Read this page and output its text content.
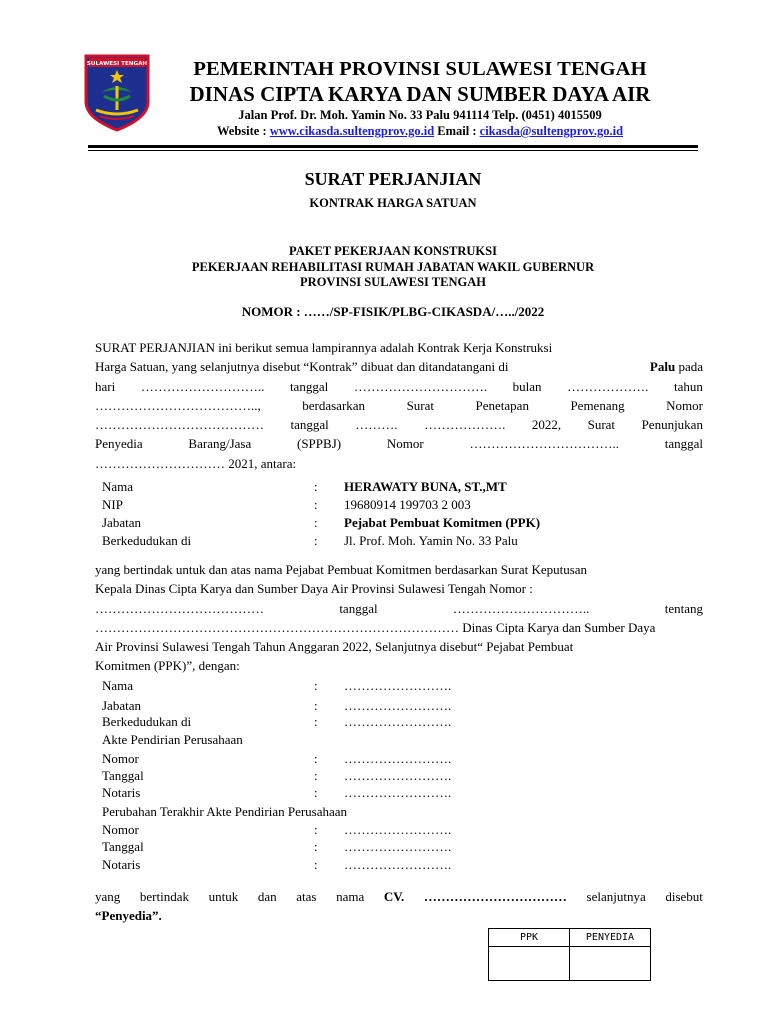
SULAWESI TENGAH	PEMERINTAH PROVINSI SULAWESI TENGAH
DINAS CIPTA KARYA DAN SUMBER DAYA AIR
Jalan Prof. Dr. Moh. Yamin No. 33 Palu 941114 Telp. (0451) 4015509
Website : www.cikasda.sultengprov.go.id Email : cikasda@sultengprov.go.id
SURAT PERJANJIAN
KONTRAK HARGA SATUAN
PAKET PEKERJAAN KONSTRUKSI
PEKERJAAN REHABILITASI RUMAH JABATAN WAKIL GUBERNUR
PROVINSI SULAWESI TENGAH
NOMOR : ……/SP-FISIK/PLBG-CIKASDA/…../2022
SURAT PERJANJIAN ini berikut semua lampirannya adalah Kontrak Kerja Konstruksi
Harga Satuan, yang selanjutnya disebut “Kontrak” dibuat dan ditandatangani di	Palu pada
hari ……………………….. tanggal …………………………. bulan ………………. tahun
………………………………..,	berdasarkan	Surat	Penetapan	Pemenang	Nomor
………………………………… tanggal ………. ………………. 2022, Surat Penunjukan
Penyedia	Barang/Jasa	(SPPBJ)	Nomor	……………………………..	tanggal
………………………… 2021, antara:
Nama	: HERAWATY BUNA, ST.,MT
NIP	: 19680914 199703 2 003
Jabatan	: Pejabat Pembuat Komitmen (PPK)
Berkedudukan di	: Jl. Prof. Moh. Yamin No. 33 Palu
yang bertindak untuk dan atas nama Pejabat Pembuat Komitmen berdasarkan Surat Keputusan
Kepala Dinas Cipta Karya dan Sumber Daya Air Provinsi Sulawesi Tengah Nomor :
…………………………………	tanggal	…………………………..	tentang
………………………………………………………………………… Dinas Cipta Karya dan Sumber Daya
Air Provinsi Sulawesi Tengah Tahun Anggaran 2022, Selanjutnya disebut“ Pejabat Pembuat
Komitmen (PPK)”, dengan:
Nama	: …………………….
Jabatan	: …………………….
Berkedudukan di	: …………………….
Akte Pendirian Perusahaan
Nomor	: …………………….
Tanggal	: …………………….
Notaris	: …………………….
Perubahan Terakhir Akte Pendirian Perusahaan
Nomor	: …………………….
Tanggal	: …………………….
Notaris	: …………………….
yang bertindak untuk dan atas nama CV. …………………………… selanjutnya disebut
“Penyedia”.
PPK	PENYEDIA
